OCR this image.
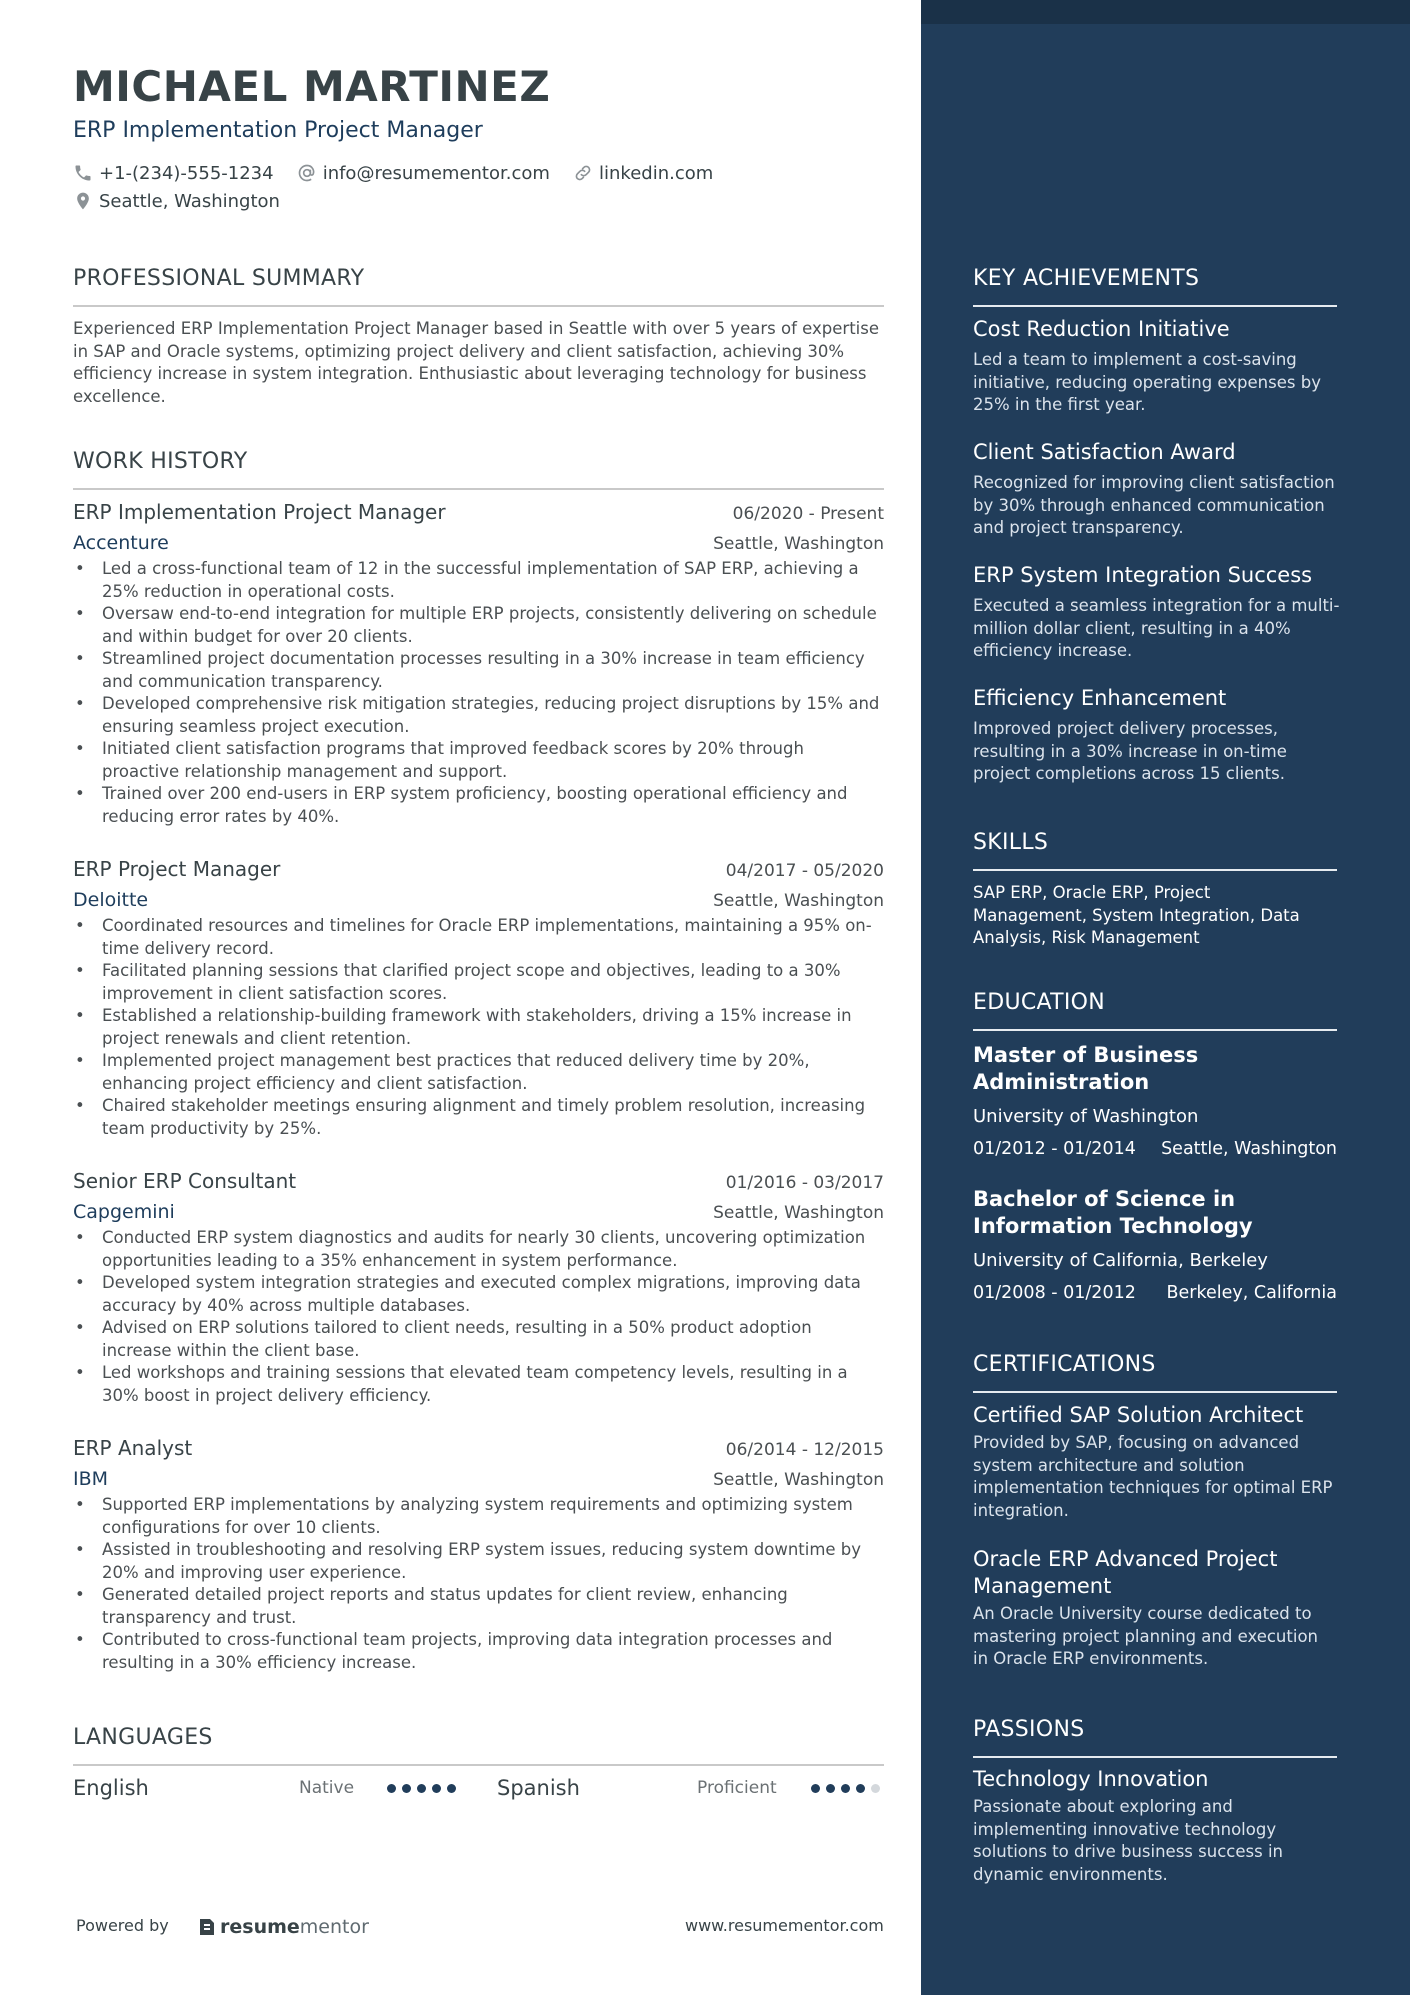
MICHAEL MARTINEZ
ERP Implementation Project Manager
+1-(234)-555-1234
	info@resumementor.com
	linkedin.com
Seattle, Washington
PROFESSIONAL SUMMARY
Experienced ERP Implementation Project Manager based in Seattle with over 5 years of expertise in SAP and Oracle systems, optimizing project delivery and client satisfaction, achieving 30% efficiency increase in system integration. Enthusiastic about leveraging technology for business excellence.
WORK HISTORY
ERP Implementation Project Manager	06/2020 - Present
Accenture	Seattle, Washington
• Led a cross-functional team of 12 in the successful implementation of SAP ERP, achieving a 25% reduction in operational costs.
• Oversaw end-to-end integration for multiple ERP projects, consistently delivering on schedule and within budget for over 20 clients.
• Streamlined project documentation processes resulting in a 30% increase in team efficiency and communication transparency.
• Developed comprehensive risk mitigation strategies, reducing project disruptions by 15% and ensuring seamless project execution.
• Initiated client satisfaction programs that improved feedback scores by 20% through proactive relationship management and support.
• Trained over 200 end-users in ERP system proficiency, boosting operational efficiency and reducing error rates by 40%.
ERP Project Manager	04/2017 - 05/2020
Deloitte	Seattle, Washington
• Coordinated resources and timelines for Oracle ERP implementations, maintaining a 95% on-time delivery record.
• Facilitated planning sessions that clarified project scope and objectives, leading to a 30% improvement in client satisfaction scores.
• Established a relationship-building framework with stakeholders, driving a 15% increase in project renewals and client retention.
• Implemented project management best practices that reduced delivery time by 20%, enhancing project efficiency and client satisfaction.
• Chaired stakeholder meetings ensuring alignment and timely problem resolution, increasing team productivity by 25%.
Senior ERP Consultant	01/2016 - 03/2017
Capgemini	Seattle, Washington
• Conducted ERP system diagnostics and audits for nearly 30 clients, uncovering optimization opportunities leading to a 35% enhancement in system performance.
• Developed system integration strategies and executed complex migrations, improving data accuracy by 40% across multiple databases.
• Advised on ERP solutions tailored to client needs, resulting in a 50% product adoption increase within the client base.
• Led workshops and training sessions that elevated team competency levels, resulting in a 30% boost in project delivery efficiency.
ERP Analyst	06/2014 - 12/2015
IBM	Seattle, Washington
• Supported ERP implementations by analyzing system requirements and optimizing system configurations for over 10 clients.
• Assisted in troubleshooting and resolving ERP system issues, reducing system downtime by 20% and improving user experience.
• Generated detailed project reports and status updates for client review, enhancing transparency and trust.
• Contributed to cross-functional team projects, improving data integration processes and resulting in a 30% efficiency increase.
LANGUAGES
English	Native	Spanish	Proficient
Powered by	resume mentor	www.resumementor.com
KEY ACHIEVEMENTS
Cost Reduction Initiative
Led a team to implement a cost-saving initiative, reducing operating expenses by 25% in the first year.
Client Satisfaction Award
Recognized for improving client satisfaction by 30% through enhanced communication and project transparency.
ERP System Integration Success
Executed a seamless integration for a multi-million dollar client, resulting in a 40% efficiency increase.
Efficiency Enhancement
Improved project delivery processes, resulting in a 30% increase in on-time project completions across 15 clients.
SKILLS
SAP ERP, Oracle ERP, Project Management, System Integration, Data Analysis, Risk Management
EDUCATION
Master of Business Administration
University of Washington
01/2012 - 01/2014 Seattle, Washington
Bachelor of Science in Information Technology
University of California, Berkeley
01/2008 - 01/2012 Berkeley, California
CERTIFICATIONS
Certified SAP Solution Architect
Provided by SAP, focusing on advanced system architecture and solution implementation techniques for optimal ERP integration.
Oracle ERP Advanced Project Management
An Oracle University course dedicated to mastering project planning and execution in Oracle ERP environments.
PASSIONS
Technology Innovation
Passionate about exploring and implementing innovative technology solutions to drive business success in dynamic environments.
